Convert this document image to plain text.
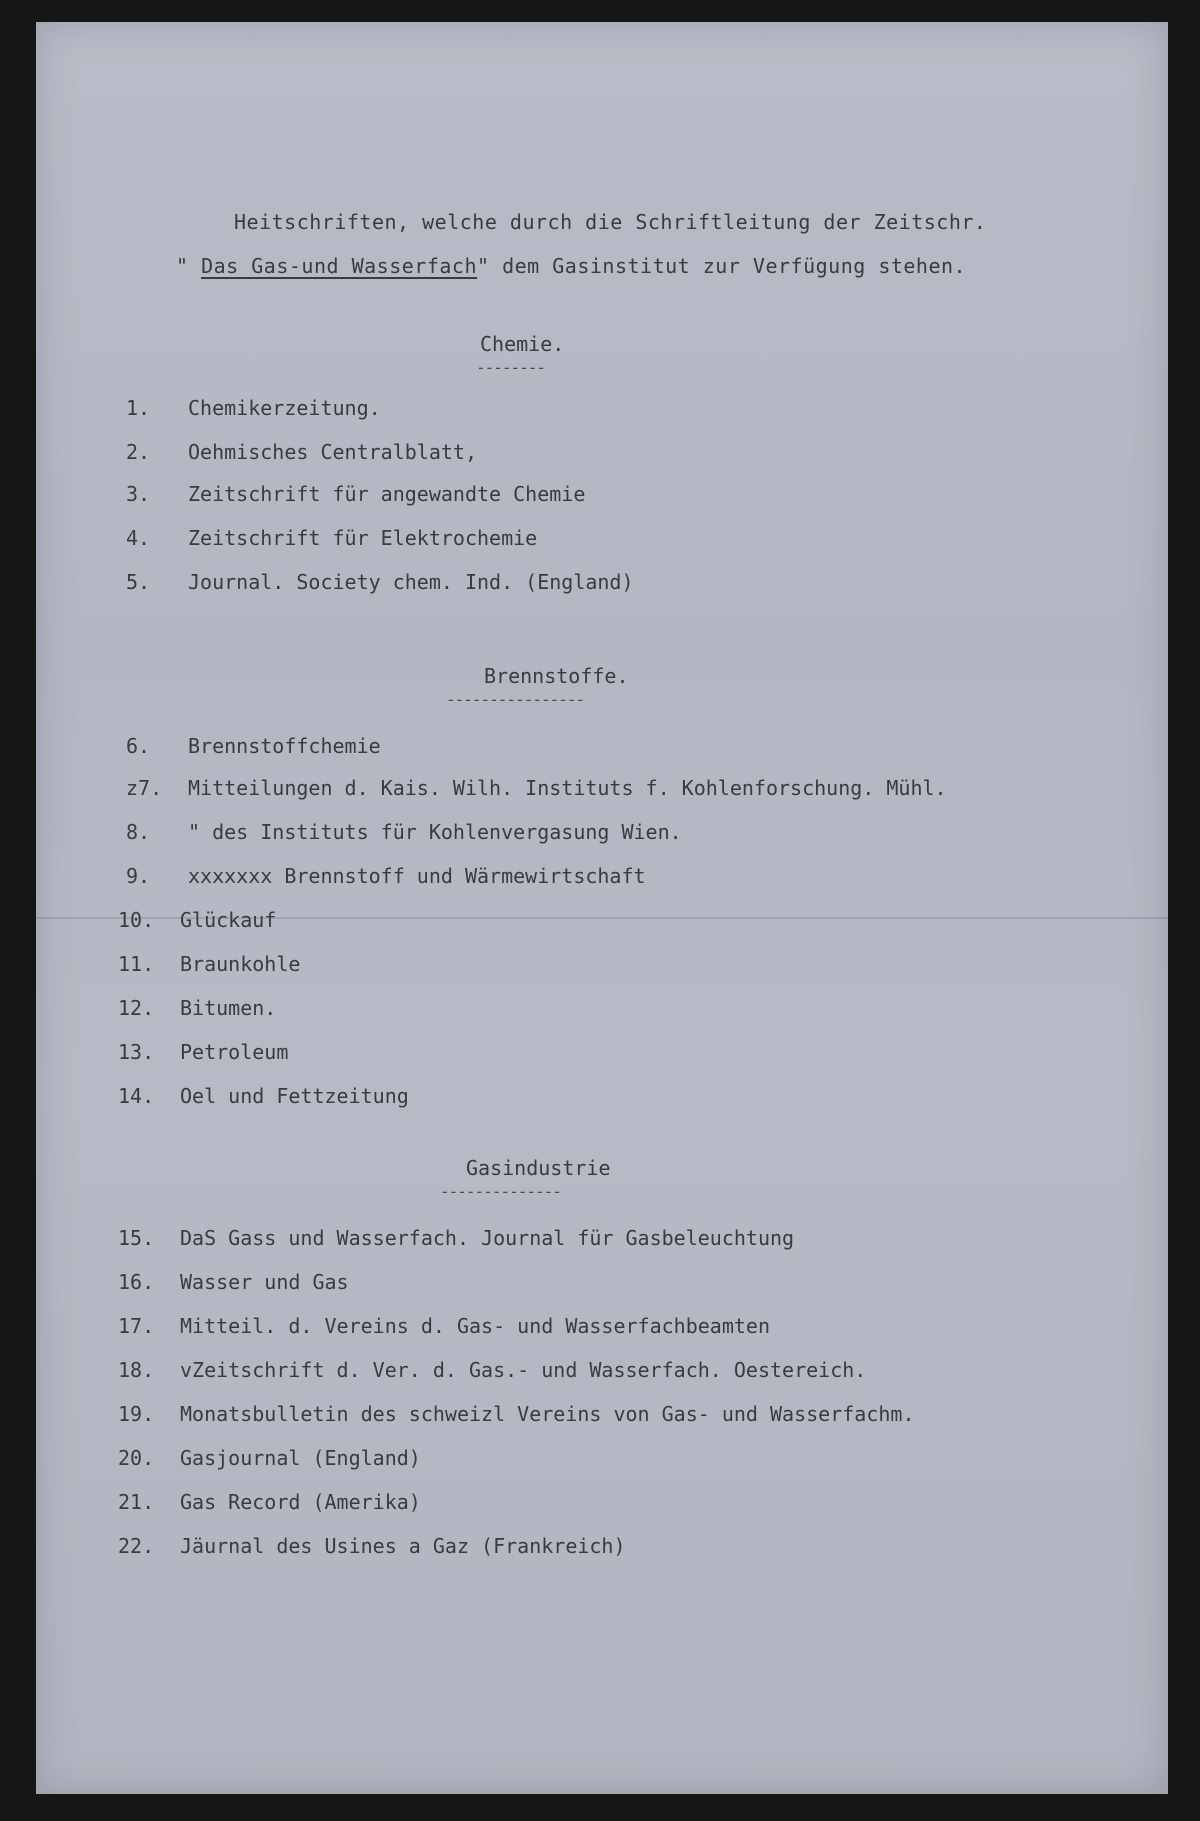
Heitschriften, welche durch die Schriftleitung der Zeitschr.
" Das Gas-und Wasserfach" dem Gasinstitut zur Verfügung stehen.
Chemie.
--------
1. Chemikerzeitung.
2. Oehmisches Centralblatt,
3. Zeitschrift für angewandte Chemie
4. Zeitschrift für Elektrochemie
5. Journal. Society chem. Ind. (England)
Brennstoffe.
----------------
6. Brennstoffchemie
z7. Mitteilungen d. Kais. Wilh. Instituts f. Kohlenforschung. Mühl.
8." des Instituts für Kohlenvergasung Wien.
9. xxxxxxx Brennstoff und Wärmewirtschaft
10. Glückauf
11. Braunkohle
12. Bitumen.
13. Petroleum
14. Oel und Fettzeitung
Gasindustrie
--------------
15. DaS Gass und Wasserfach. Journal für Gasbeleuchtung
16. Wasser und Gas
17. Mitteil. d. Vereins d. Gas- und Wasserfachbeamten
18. vZeitschrift d. Ver. d. Gas.- und Wasserfach. Oestereich.
19. Monatsbulletin des schweizl Vereins von Gas- und Wasserfachm.
20. Gasjournal (England)
21. Gas Record (Amerika)
22. Jäurnal des Usines a Gaz (Frankreich)
